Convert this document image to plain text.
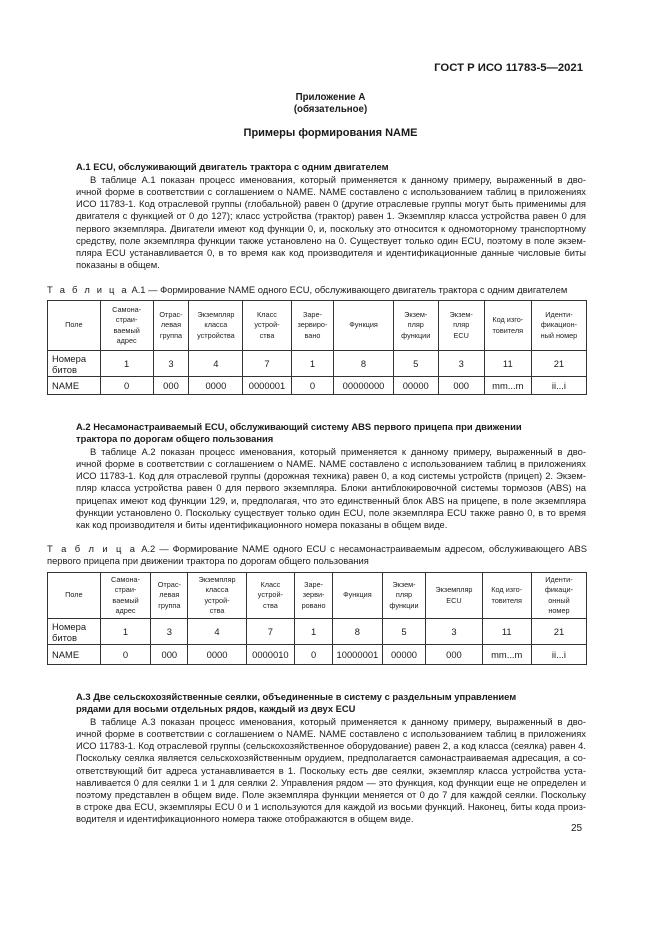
ГОСТ Р ИСО 11783-5—2021
Приложение А
(обязательное)
Примеры формирования NAME
А.1 ECU, обслуживающий двигатель трактора с одним двигателем
В таблице А.1 показан процесс именования, который применяется к данному примеру, выраженный в дво-
ичной форме в соответствии с соглашением о NAME. NAME составлено с использованием таблиц в приложениях
ИСО 11783-1. Код отраслевой группы (глобальной) равен 0 (другие отраслевые группы могут быть применимы для
двигателя с функцией от 0 до 127); класс устройства (трактор) равен 1. Экземпляр класса устройства равен 0 для
первого экземпляра. Двигатели имеют код функции 0, и, поскольку это относится к одномоторному транспортному
средству, поле экземпляра функции также установлено на 0. Существует только один ECU, поэтому в поле экзем-
пляра ECU устанавливается 0, в то время как код производителя и идентификационные данные числовые биты
показаны в общем.
Т а б л и ц а А.1 — Формирование NAME одного ECU, обслуживающего двигатель трактора с одним двигателем
Поле	Самона-
страи-
ваемый
адрес	Отрас-
левая
группа	Экземпляр
класса
устройства	Класс
устрой-
ства	Заре-
зервиро-
вано	Функция	Экзем-
пляр
функции	Экзем-
пляр
ECU	Код изго-
товителя	Иденти-
фикацион-
ный номер

Номера битов	1	3	4	7	1	8	5	3	11	21
NAME	0	000	0000	0000001	0	00000000	00000	000	mm...m	ii...i
А.2 Несамонастраиваемый ECU, обслуживающий систему ABS первого прицепа при движении
трактора по дорогам общего пользования
В таблице А.2 показан процесс именования, который применяется к данному примеру, выраженный в дво-
ичной форме в соответствии с соглашением о NAME. NAME составлено с использованием таблиц в приложениях
ИСО 11783-1. Код для отраслевой группы (дорожная техника) равен 0, а код системы устройств (прицеп) 2. Экзем-
пляр класса устройства равен 0 для первого экземпляра. Блоки антиблокировочной системы тормозов (ABS) на
прицепах имеют код функции 129, и, предполагая, что это единственный блок ABS на прицепе, в поле экземпляра
функции установлено 0. Поскольку существует только один ECU, поле экземпляра ECU также равно 0, в то время
как код производителя и биты идентификационного номера показаны в общем виде.
Т а б л и ц а А.2 — Формирование NAME одного ECU с несамонастраиваемым адресом, обслуживающего ABS
первого прицепа при движении трактора по дорогам общего пользования
Поле	Самона-
страи-
ваемый
адрес	Отрас-
левая
группа	Экземпляр
класса
устрой-
ства	Класс
устрой-
ства	Заре-
зерви-
ровано	Функция	Экзем-
пляр
функции	Экземпляр
ECU	Код изго-
товителя	Иденти-
фикаци-
онный
номер

Номера битов	1	3	4	7	1	8	5	3	11	21
NAME	0	000	0000	0000010	0	10000001	00000	000	mm...m	ii...i
А.3 Две сельскохозяйственные сеялки, объединенные в систему с раздельным управлением
рядами для восьми отдельных рядов, каждый из двух ECU
В таблице А.3 показан процесс именования, который применяется к данному примеру, выраженный в дво-
ичной форме в соответствии с соглашением о NAME. NAME составлено с использованием таблиц в приложениях
ИСО 11783-1. Код отраслевой группы (сельскохозяйственное оборудование) равен 2, а код класса (сеялка) равен 4.
Поскольку сеялка является сельскохозяйственным орудием, предполагается самонастраиваемая адресация, а со-
ответствующий бит адреса устанавливается в 1. Поскольку есть две сеялки, экземпляр класса устройства уста-
навливается 0 для сеялки 1 и 1 для сеялки 2. Управления рядом — это функция, код функции еще не определен и
поэтому представлен в общем виде. Поле экземпляра функции меняется от 0 до 7 для каждой сеялки. Поскольку
в строке два ECU, экземпляры ECU 0 и 1 используются для каждой из восьми функций. Наконец, биты кода произ-
водителя и идентификационного номера также отображаются в общем виде.
25
